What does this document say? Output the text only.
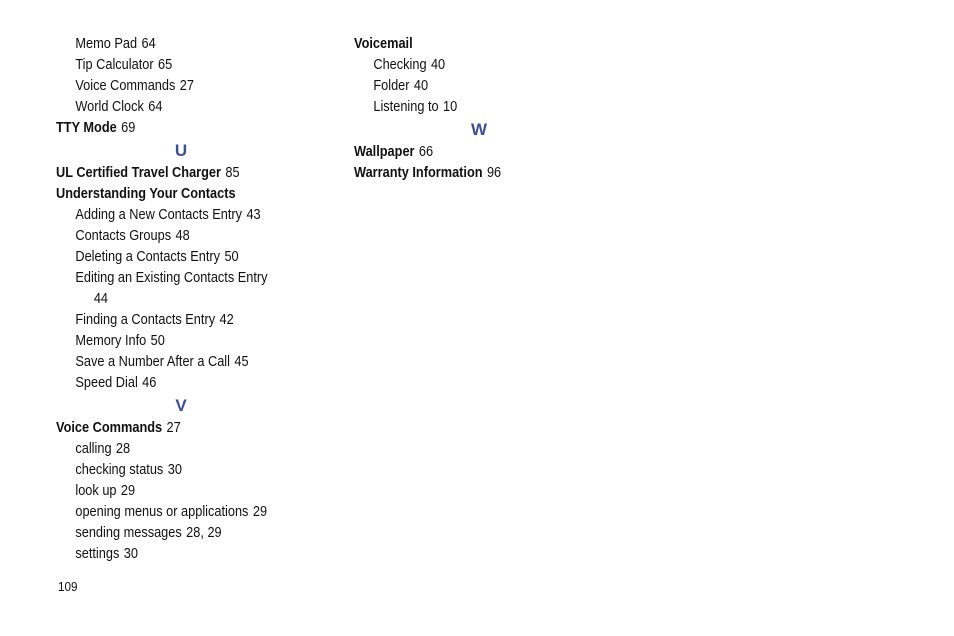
Memo Pad 64
Tip Calculator 65
Voice Commands 27
World Clock 64
TTY Mode 69
U
UL Certified Travel Charger 85
Understanding Your Contacts
Adding a New Contacts Entry 43
Contacts Groups 48
Deleting a Contacts Entry 50
Editing an Existing Contacts Entry
44
Finding a Contacts Entry 42
Memory Info 50
Save a Number After a Call 45
Speed Dial 46
V
Voice Commands 27
calling 28
checking status 30
look up 29
opening menus or applications 29
sending messages 28, 29
settings 30
Voicemail
Checking 40
Folder 40
Listening to 10
W
Wallpaper 66
Warranty Information 96
109
